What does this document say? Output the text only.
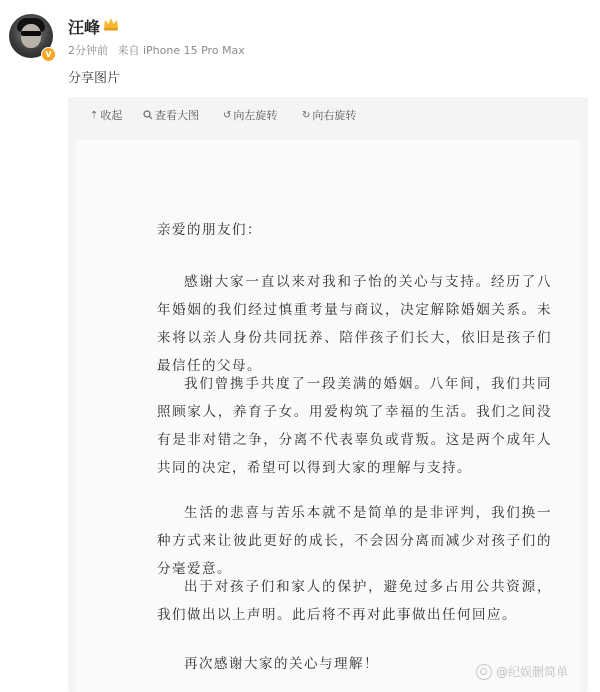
V
汪峰
2分钟前 来自 iPhone 15 Pro Max
分享图片
⇡ 收起	查看大图 ↺ 向左旋转 ↻ 向右旋转
亲爱的朋友们：
感谢大家一直以来对我和子怡的关心与支持。经历了八年婚姻的我们经过慎重考量与商议，决定解除婚姻关系。未来将以亲人身份共同抚养、陪伴孩子们长大，依旧是孩子们最信任的父母。
我们曾携手共度了一段美满的婚姻。八年间，我们共同照顾家人，养育子女。用爱构筑了幸福的生活。我们之间没有是非对错之争，分离不代表辜负或背叛。这是两个成年人共同的决定，希望可以得到大家的理解与支持。
生活的悲喜与苦乐本就不是简单的是非评判，我们换一种方式来让彼此更好的成长，不会因分离而减少对孩子们的分毫爱意。
出于对孩子们和家人的保护，避免过多占用公共资源，我们做出以上声明。此后将不再对此事做出任何回应。
再次感谢大家的关心与理解！	@纪娱删简单
